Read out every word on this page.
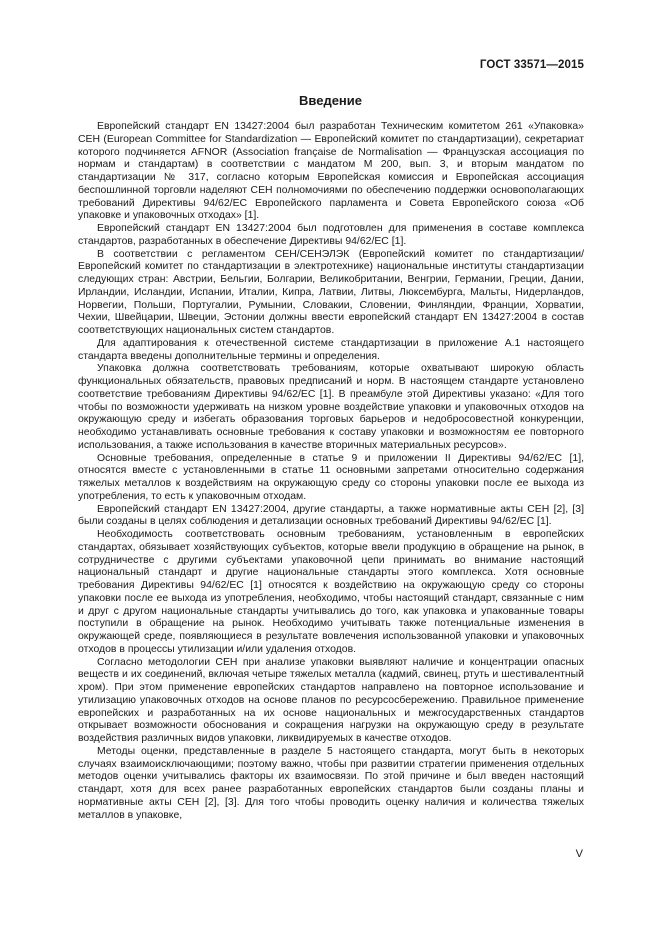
ГОСТ 33571—2015
Введение

Европейский стандарт EN 13427:2004 был разработан Техническим комитетом 261 «Упаковка» CEH (European Committee for Standardization — Европейский комитет по стандартизации), секретариат которого подчиняется AFNOR (Association française de Normalisation — Французская ассоциация по нормам и стандартам) в соответствии с мандатом М 200, вып. 3, и вторым мандатом по стандартизации № 317, согласно которым Европейская комиссия и Европейская ассоциация беспошлинной торговли наделяют CEH полномочиями по обеспечению поддержки основополагающих требований Директивы 94/62/ЕС Европейского парламента и Совета Европейского союза «Об упаковке и упаковочных отходах» [1].

Европейский стандарт EN 13427:2004 был подготовлен для применения в составе комплекса стандартов, разработанных в обеспечение Директивы 94/62/ЕС [1].

В соответствии с регламентом CEH/CEHЭЛЭК (Европейский комитет по стандартизации/Европейский комитет по стандартизации в электротехнике) национальные институты стандартизации следующих стран: Австрии, Бельгии, Болгарии, Великобритании, Венгрии, Германии, Греции, Дании, Ирландии, Исландии, Испании, Италии, Кипра, Латвии, Литвы, Люксембурга, Мальты, Нидерландов, Норвегии, Польши, Португалии, Румынии, Словакии, Словении, Финляндии, Франции, Хорватии, Чехии, Швейцарии, Швеции, Эстонии должны ввести европейский стандарт EN 13427:2004 в состав соответствующих национальных систем стандартов.

Для адаптирования к отечественной системе стандартизации в приложение А.1 настоящего стандарта введены дополнительные термины и определения.

Упаковка должна соответствовать требованиям, которые охватывают широкую область функциональных обязательств, правовых предписаний и норм. В настоящем стандарте установлено соответствие требованиям Директивы 94/62/ЕС [1]. В преамбуле этой Директивы указано: «Для того чтобы по возможности удерживать на низком уровне воздействие упаковки и упаковочных отходов на окружающую среду и избегать образования торговых барьеров и недобросовестной конкуренции, необходимо устанавливать основные требования к составу упаковки и возможностям ее повторного использования, а также использования в качестве вторичных материальных ресурсов».

Основные требования, определенные в статье 9 и приложении II Директивы 94/62/ЕС [1], относятся вместе с установленными в статье 11 основными запретами относительно содержания тяжелых металлов к воздействиям на окружающую среду со стороны упаковки после ее выхода из употребления, то есть к упаковочным отходам.

Европейский стандарт EN 13427:2004, другие стандарты, а также нормативные акты CEH [2], [3] были созданы в целях соблюдения и детализации основных требований Директивы 94/62/ЕС [1].

Необходимость соответствовать основным требованиям, установленным в европейских стандартах, обязывает хозяйствующих субъектов, которые ввели продукцию в обращение на рынок, в сотрудничестве с другими субъектами упаковочной цепи принимать во внимание настоящий национальный стандарт и другие национальные стандарты этого комплекса. Хотя основные требования Директивы 94/62/ЕС [1] относятся к воздействию на окружающую среду со стороны упаковки после ее выхода из употребления, необходимо, чтобы настоящий стандарт, связанные с ним и друг с другом национальные стандарты учитывались до того, как упаковка и упакованные товары поступили в обращение на рынок. Необходимо учитывать также потенциальные изменения в окружающей среде, появляющиеся в результате вовлечения использованной упаковки и упаковочных отходов в процессы утилизации и/или удаления отходов.

Согласно методологии CEH при анализе упаковки выявляют наличие и концентрации опасных веществ и их соединений, включая четыре тяжелых металла (кадмий, свинец, ртуть и шестивалентный хром). При этом применение европейских стандартов направлено на повторное использование и утилизацию упаковочных отходов на основе планов по ресурсосбережению. Правильное применение европейских и разработанных на их основе национальных и межгосударственных стандартов открывает возможности обоснования и сокращения нагрузки на окружающую среду в результате воздействия различных видов упаковки, ликвидируемых в качестве отходов.

Методы оценки, представленные в разделе 5 настоящего стандарта, могут быть в некоторых случаях взаимоисключающими; поэтому важно, чтобы при развитии стратегии применения отдельных методов оценки учитывались факторы их взаимосвязи. По этой причине и был введен настоящий стандарт, хотя для всех ранее разработанных европейских стандартов были созданы планы и нормативные акты CEH [2], [3]. Для того чтобы проводить оценку наличия и количества тяжелых металлов в упаковке,

V
